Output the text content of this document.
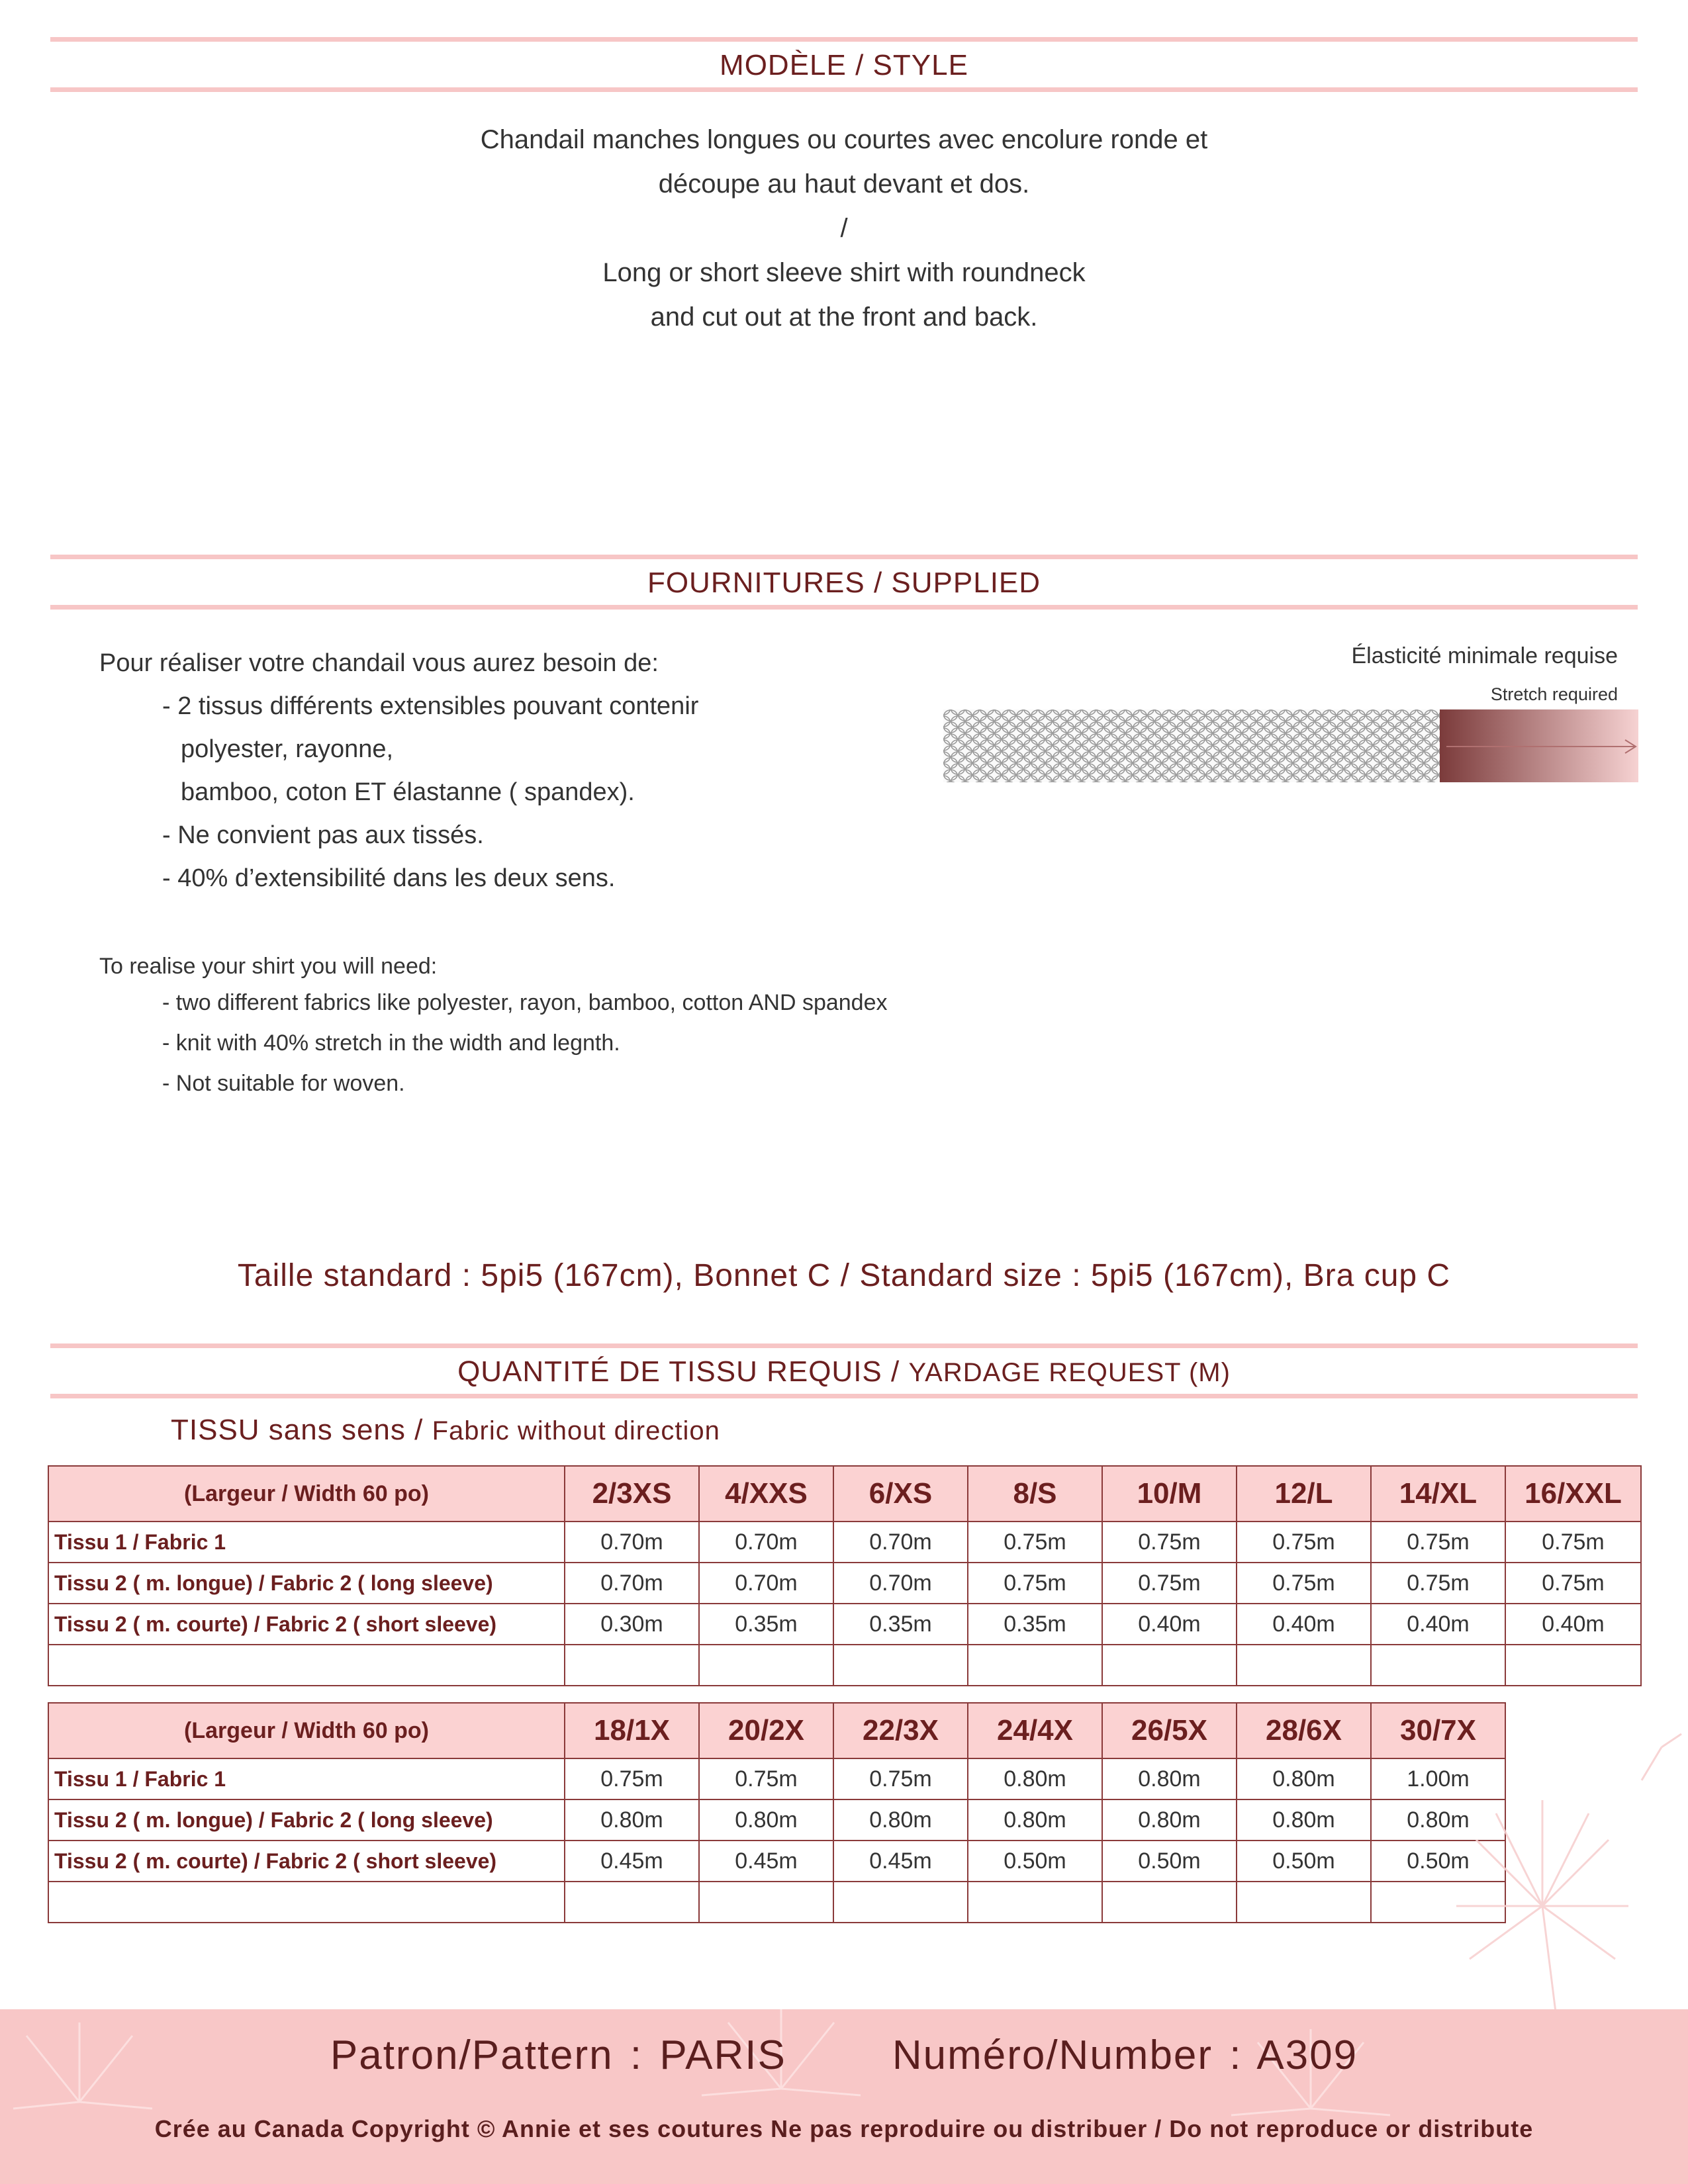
MODÈLE / STYLE
Chandail manches longues ou courtes avec encolure ronde et
découpe au haut devant et dos.
/
Long or short sleeve shirt with roundneck
and cut out at the front and back.
FOURNITURES / SUPPLIED
Pour réaliser votre chandail vous aurez besoin de:
- 2 tissus différents extensibles pouvant contenir
polyester, rayonne,
bamboo, coton ET élastanne ( spandex).
- Ne convient pas aux tissés.
- 40% d’extensibilité dans les deux sens.
To realise your shirt you will need:
- two different fabrics like polyester, rayon, bamboo, cotton AND spandex
- knit with 40% stretch in the width and legnth.
- Not suitable for woven.
Élasticité minimale requise
Stretch required
Taille standard : 5pi5 (167cm), Bonnet C / Standard size : 5pi5 (167cm), Bra cup C
QUANTITÉ DE TISSU REQUIS / YARDAGE REQUEST (M)
TISSU sans sens / Fabric without direction
(Largeur / Width 60 po)	2/3XS	4/XXS	6/XS	8/S	10/M	12/L	14/XL	16/XXL
Tissu 1 / Fabric 1	0.70m	0.70m	0.70m	0.75m	0.75m	0.75m	0.75m	0.75m
Tissu 2 ( m. longue) / Fabric 2 ( long sleeve)	0.70m	0.70m	0.70m	0.75m	0.75m	0.75m	0.75m	0.75m
Tissu 2 ( m. courte) / Fabric 2 ( short sleeve)	0.30m	0.35m	0.35m	0.35m	0.40m	0.40m	0.40m	0.40m

(Largeur / Width 60 po)	18/1X	20/2X	22/3X	24/4X	26/5X	28/6X	30/7X
Tissu 1 / Fabric 1	0.75m	0.75m	0.75m	0.80m	0.80m	0.80m	1.00m
Tissu 2 ( m. longue) / Fabric 2 ( long sleeve)	0.80m	0.80m	0.80m	0.80m	0.80m	0.80m	0.80m
Tissu 2 ( m. courte) / Fabric 2 ( short sleeve)	0.45m	0.45m	0.45m	0.50m	0.50m	0.50m	0.50m

Patron/Pattern : PARIS	Numéro/Number : A309
Crée au Canada Copyright © Annie et ses coutures Ne pas reproduire ou distribuer / Do not reproduce or distribute
